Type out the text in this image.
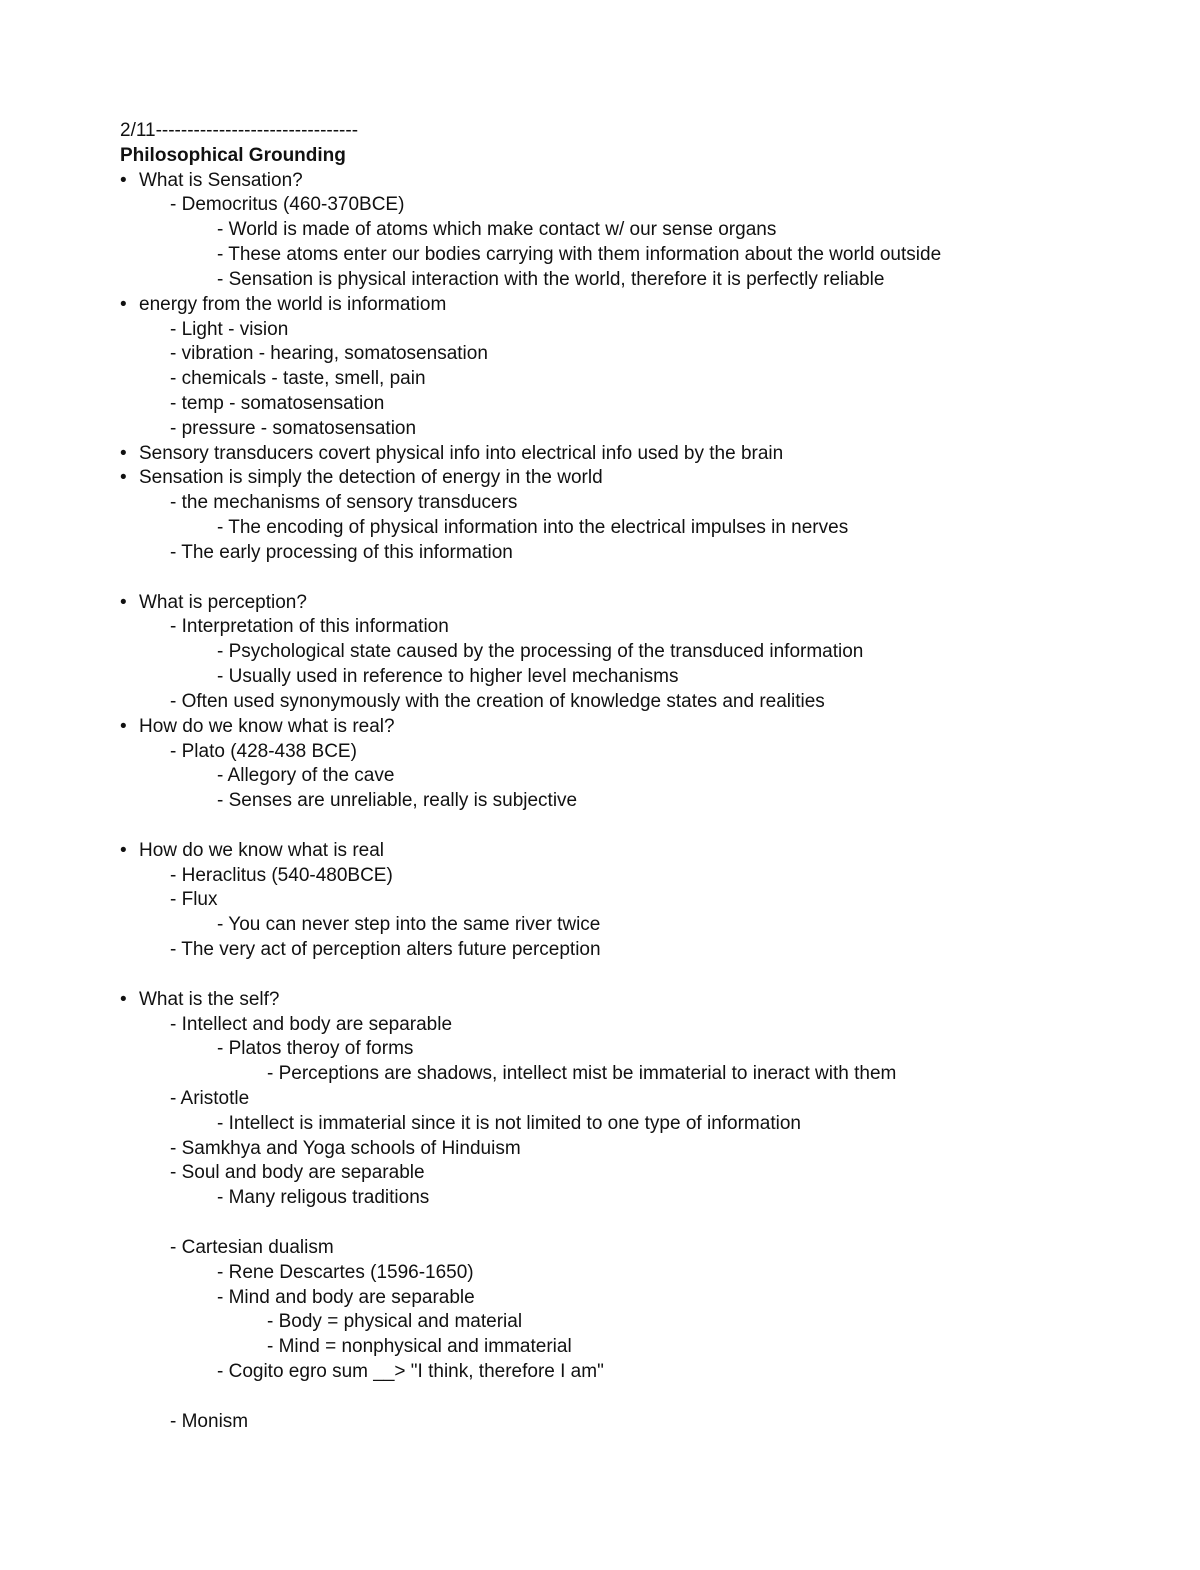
2/11--------------------------------
Philosophical Grounding
• What is Sensation?
- Democritus (460-370BCE)
- World is made of atoms which make contact w/ our sense organs
- These atoms enter our bodies carrying with them information about the world outside
- Sensation is physical interaction with the world, therefore it is perfectly reliable
• energy from the world is informatiom
- Light - vision
- vibration - hearing, somatosensation
- chemicals - taste, smell, pain
- temp - somatosensation
- pressure - somatosensation
• Sensory transducers covert physical info into electrical info used by the brain
• Sensation is simply the detection of energy in the world
- the mechanisms of sensory transducers
- The encoding of physical information into the electrical impulses in nerves
- The early processing of this information
• What is perception?
- Interpretation of this information
- Psychological state caused by the processing of the transduced information
- Usually used in reference to higher level mechanisms
- Often used synonymously with the creation of knowledge states and realities
• How do we know what is real?
- Plato (428-438 BCE)
- Allegory of the cave
- Senses are unreliable, really is subjective
• How do we know what is real
- Heraclitus (540-480BCE)
- Flux
- You can never step into the same river twice
- The very act of perception alters future perception
• What is the self?
- Intellect and body are separable
- Platos theroy of forms
- Perceptions are shadows, intellect mist be immaterial to ineract with them
- Aristotle
- Intellect is immaterial since it is not limited to one type of information
- Samkhya and Yoga schools of Hinduism
- Soul and body are separable
- Many religous traditions
- Cartesian dualism
- Rene Descartes (1596-1650)
- Mind and body are separable
- Body = physical and material
- Mind = nonphysical and immaterial
- Cogito egro sum __> "I think, therefore I am"
- Monism
